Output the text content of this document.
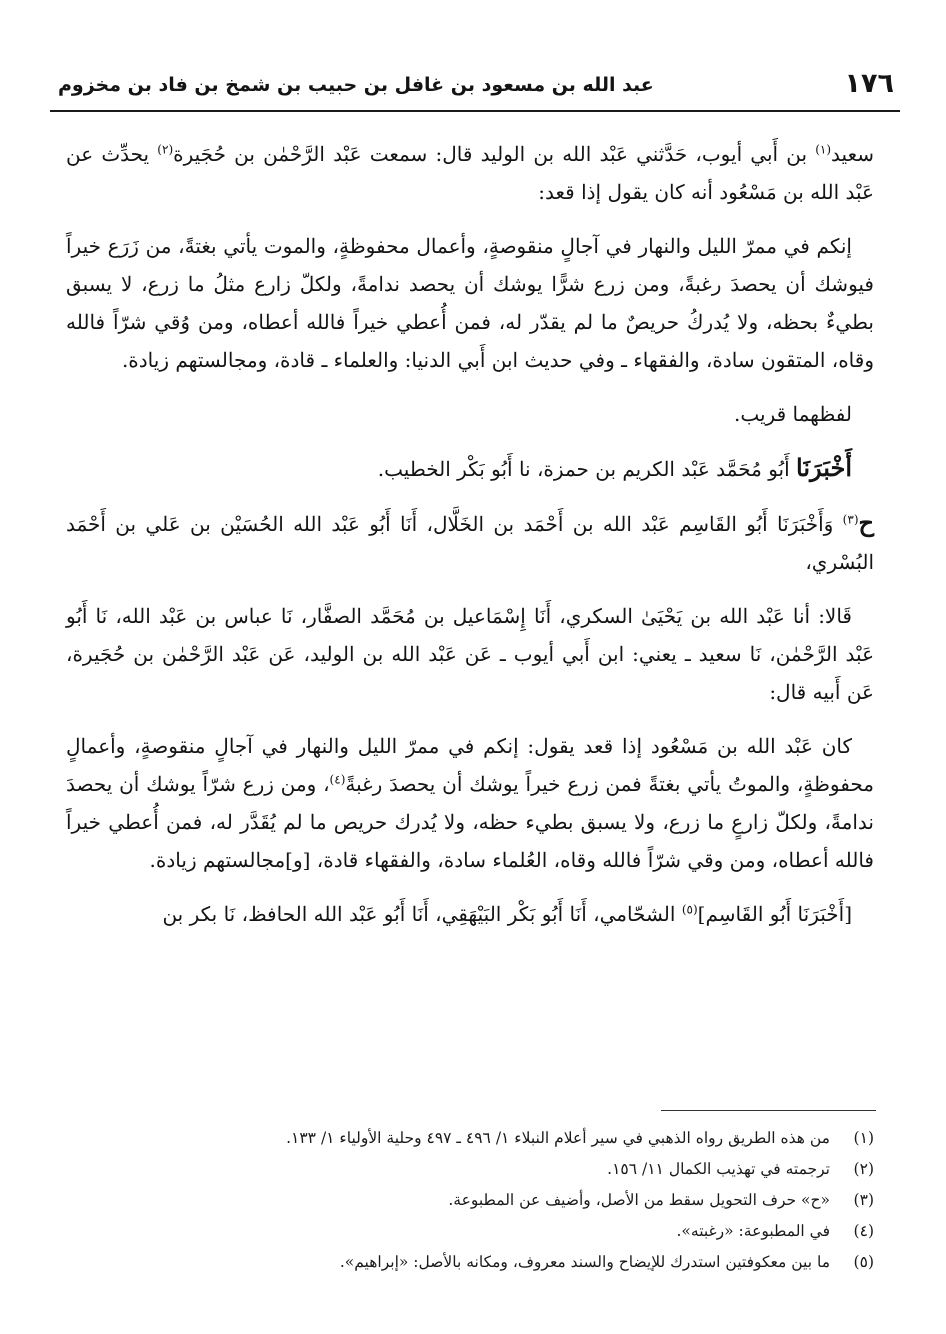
١٧٦
عبد الله بن مسعود بن غافل بن حبيب بن شمخ بن فاد بن مخزوم

سعيد$^{(١)}$ بن أَبي أيوب، حَدَّثني عَبْد الله بن الوليد قال: سمعت عَبْد الرَّحْمٰن بن حُجَيرة$^{(٢)}$ يحدِّث عن عَبْد الله بن مَسْعُود أنه كان يقول إذا قعد:

إنكم في ممرّ الليل والنهار في آجالٍ منقوصةٍ، وأعمال محفوظةٍ، والموت يأتي بغتةً، من زَرَع خيراً فيوشك أن يحصدَ رغبةً، ومن زرع شرًّا يوشك أن يحصد ندامةً، ولكلّ زارع مثلُ ما زرع، لا يسبق بطيءٌ بحظه، ولا يُدركُ حريصٌ ما لم يقدّر له، فمن أُعطي خيراً فالله أعطاه، ومن وُقي شرّاً فالله وقاه، المتقون سادة، والفقهاء ـ وفي حديث ابن أَبي الدنيا: والعلماء ـ قادة، ومجالستهم زيادة.

لفظهما قريب.

أَخْبَرَنَا أَبُو مُحَمَّد عَبْد الكريم بن حمزة، نا أَبُو بَكْر الخطيب.

ح$^{(٣)}$ وَأَخْبَرَنَا أَبُو القَاسِم عَبْد الله بن أَحْمَد بن الخَلَّال، أَنَا أَبُو عَبْد الله الحُسَيْن بن عَلي بن أَحْمَد البُسْري،

قَالا: أنا عَبْد الله بن يَحْيَىٰ السكري، أَنَا إِسْمَاعيل بن مُحَمَّد الصفَّار، نَا عباس بن عَبْد الله، نَا أَبُو عَبْد الرَّحْمٰن، نَا سعيد ـ يعني: ابن أَبي أيوب ـ عَن عَبْد الله بن الوليد، عَن عَبْد الرَّحْمٰن بن حُجَيرة، عَن أَبيه قال:

كان عَبْد الله بن مَسْعُود إذا قعد يقول: إنكم في ممرّ الليل والنهار في آجالٍ منقوصةٍ، وأعمالٍ محفوظةٍ، والموتُ يأتي بغتةً فمن زرع خيراً يوشك أن يحصدَ رغبةً$^{(٤)}$، ومن زرع شرّاً يوشك أن يحصدَ ندامةً، ولكلّ زارعٍ ما زرع، ولا يسبق بطيء حظه، ولا يُدرك حريص ما لم يُقَدَّر له، فمن أُعطي خيراً فالله أعطاه، ومن وقي شرّاً فالله وقاه، العُلماء سادة، والفقهاء قادة، [و]مجالستهم زيادة.

[أَخْبَرَنَا أَبُو القَاسِم]$^{(٥)}$ الشحّامي، أَنَا أَبُو بَكْر البَيْهَقِي، أَنَا أَبُو عَبْد الله الحافظ، نَا بكر بن

(١)
من هذه الطريق رواه الذهبي في سير أعلام النبلاء ١/ ٤٩٦ ـ ٤٩٧ وحلية الأولياء ١/ ١٣٣.
(٢)
ترجمته في تهذيب الكمال ١١/ ١٥٦.
(٣)
«ح» حرف التحويل سقط من الأصل، وأضيف عن المطبوعة.
(٤)
في المطبوعة: «رغبته».
(٥)
ما بين معكوفتين استدرك للإيضاح والسند معروف، ومكانه بالأصل: «إبراهيم».
